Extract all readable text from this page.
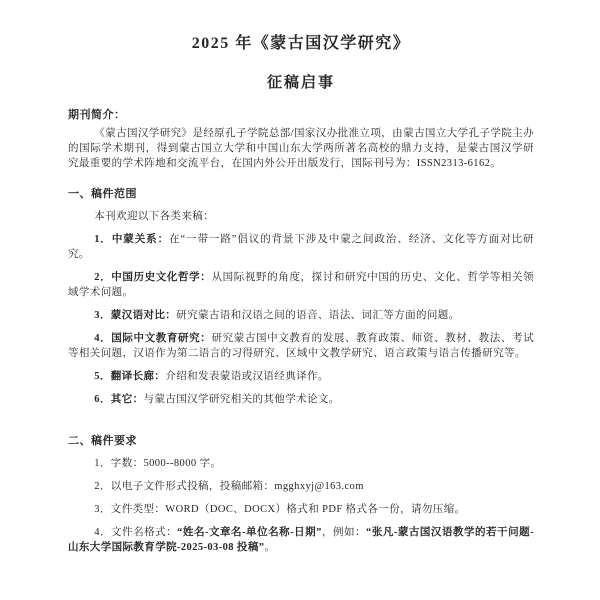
2025 年《蒙古国汉学研究》
征稿启事
期刊简介：

《蒙古国汉学研究》是经原孔子学院总部/国家汉办批准立项，由蒙古国立大学孔子学院主办的国际学术期刊，得到蒙古国立大学和中国山东大学两所著名高校的鼎力支持，是蒙古国汉学研究最重要的学术阵地和交流平台，在国内外公开出版发行，国际刊号为：ISSN2313-6162。

一、稿件范围

本刊欢迎以下各类来稿：

1．中蒙关系：在“一带一路”倡议的背景下涉及中蒙之间政治、经济、文化等方面对比研究。

2．中国历史文化哲学：从国际视野的角度，探讨和研究中国的历史、文化、哲学等相关领域学术问题。

3．蒙汉语对比：研究蒙古语和汉语之间的语音、语法、词汇等方面的问题。

4．国际中文教育研究：研究蒙古国中文教育的发展、教育政策、师资、教材、教法、考试等相关问题，汉语作为第二语言的习得研究、区域中文教学研究、语言政策与语言传播研究等。

5．翻译长廊：介绍和发表蒙语或汉语经典译作。

6．其它：与蒙古国汉学研究相关的其他学术论文。

二、稿件要求

1．字数：5000--8000 字。

2．以电子文件形式投稿，投稿邮箱：mgghxyj@163.com

3．文件类型：WORD（DOC、DOCX）格式和 PDF 格式各一份，请勿压缩。

4．文件名格式：“姓名-文章名-单位名称-日期”，例如：“张凡-蒙古国汉语教学的若干问题-山东大学国际教育学院-2025-03-08 投稿”。
